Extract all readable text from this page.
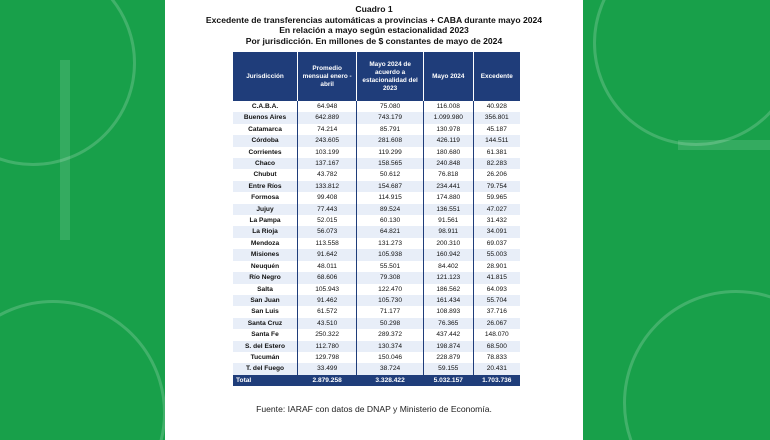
Cuadro 1
Excedente de transferencias automáticas a provincias + CABA durante mayo 2024
En relación a mayo según estacionalidad 2023
Por jurisdicción. En millones de $ constantes de mayo de 2024
Jurisdicción	Promedio mensual enero - abril	Mayo 2024 de acuerdo a estacionalidad del 2023	Mayo 2024	Excedente
C.A.B.A.	64.948	75.080	116.008	40.928
Buenos Aires	642.889	743.179	1.099.980	356.801
Catamarca	74.214	85.791	130.978	45.187
Córdoba	243.605	281.608	426.119	144.511
Corrientes	103.199	119.299	180.680	61.381
Chaco	137.167	158.565	240.848	82.283
Chubut	43.782	50.612	76.818	26.206
Entre Ríos	133.812	154.687	234.441	79.754
Formosa	99.408	114.915	174.880	59.965
Jujuy	77.443	89.524	136.551	47.027
La Pampa	52.015	60.130	91.561	31.432
La Rioja	56.073	64.821	98.911	34.091
Mendoza	113.558	131.273	200.310	69.037
Misiones	91.642	105.938	160.942	55.003
Neuquén	48.011	55.501	84.402	28.901
Río Negro	68.606	79.308	121.123	41.815
Salta	105.943	122.470	186.562	64.093
San Juan	91.462	105.730	161.434	55.704
San Luis	61.572	71.177	108.893	37.716
Santa Cruz	43.510	50.298	76.365	26.067
Santa Fe	250.322	289.372	437.442	148.070
S. del Estero	112.780	130.374	198.874	68.500
Tucumán	129.798	150.046	228.879	78.833
T. del Fuego	33.499	38.724	59.155	20.431
Total	2.879.258	3.328.422	5.032.157	1.703.736
Fuente: IARAF con datos de DNAP y Ministerio de Economía.
